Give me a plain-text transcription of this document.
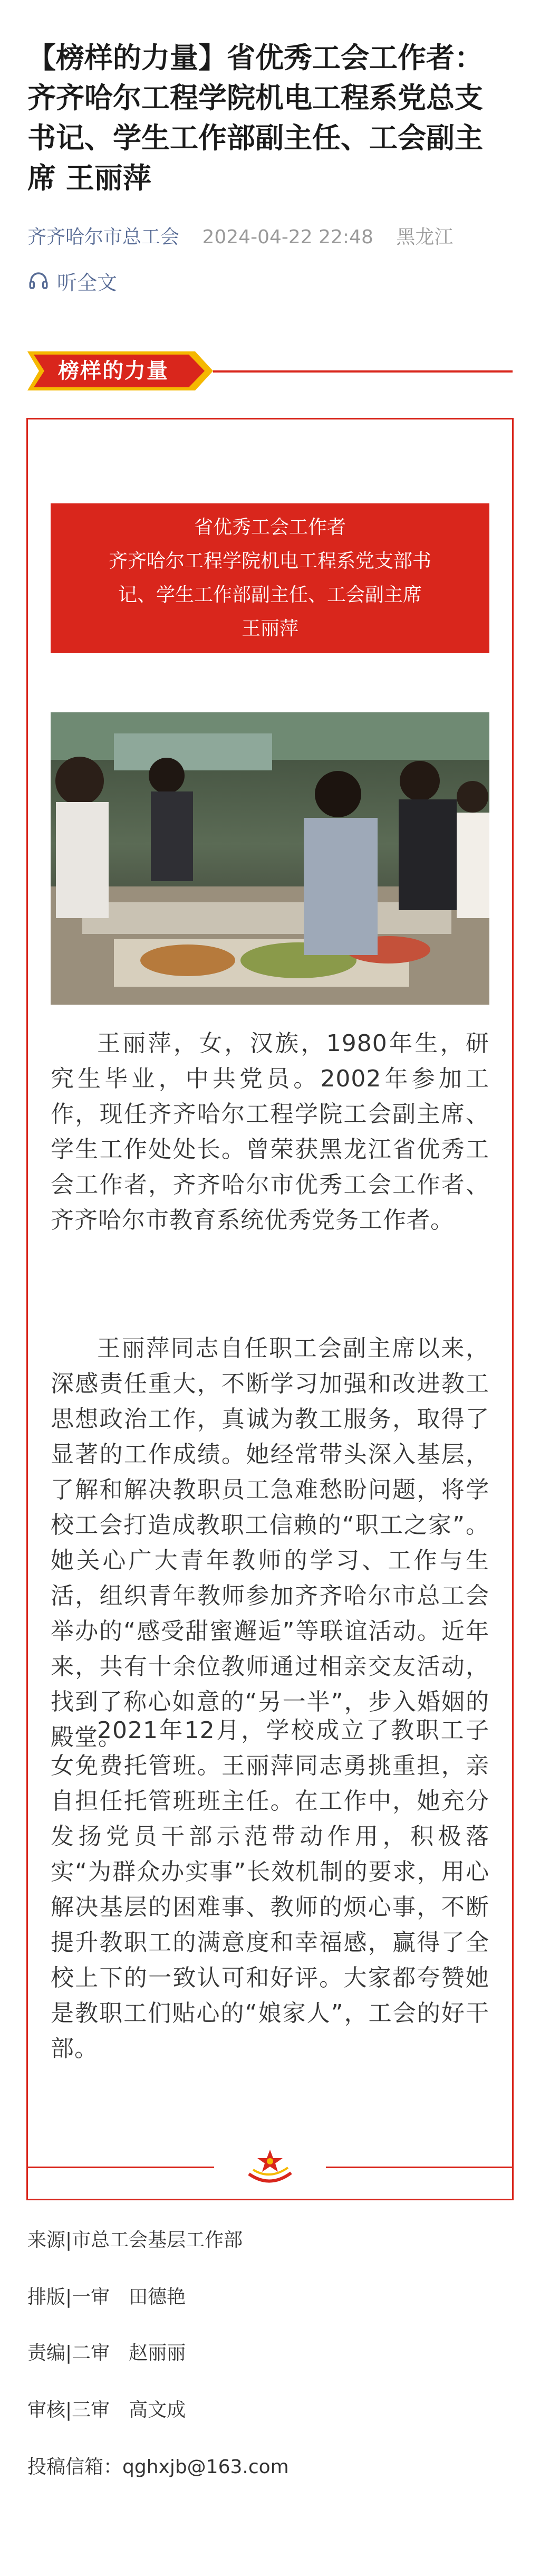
【榜样的力量】省优秀工会工作者：齐齐哈尔工程学院机电工程系党总支书记、学生工作部副主任、工会副主席 王丽萍
齐齐哈尔市总工会 2024-04-22 22:48 黑龙江
听全文
榜样的力量
省优秀工会工作者
齐齐哈尔工程学院机电工程系党支部书
记、学生工作部副主任、工会副主席
王丽萍

王丽萍，女，汉族，1980年生，研究生毕业，中共党员。2002年参加工作，现任齐齐哈尔工程学院工会副主席、学生工作处处长。曾荣获黑龙江省优秀工会工作者，齐齐哈尔市优秀工会工作者、齐齐哈尔市教育系统优秀党务工作者。

王丽萍同志自任职工会副主席以来，深感责任重大，不断学习加强和改进教工思想政治工作，真诚为教工服务，取得了显著的工作成绩。她经常带头深入基层，了解和解决教职员工急难愁盼问题，将学校工会打造成教职工信赖的“职工之家”。她关心广大青年教师的学习、工作与生活，组织青年教师参加齐齐哈尔市总工会举办的“感受甜蜜邂逅”等联谊活动。近年来，共有十余位教师通过相亲交友活动，找到了称心如意的“另一半”，步入婚姻的殿堂。

2021年12月，学校成立了教职工子女免费托管班。王丽萍同志勇挑重担，亲自担任托管班班主任。在工作中，她充分发扬党员干部示范带动作用，积极落实“为群众办实事”长效机制的要求，用心解决基层的困难事、教师的烦心事，不断提升教职工的满意度和幸福感，赢得了全校上下的一致认可和好评。大家都夸赞她是教职工们贴心的“娘家人”，工会的好干部。

来源|市总工会基层工作部
排版|一审　田德艳
责编|二审　赵丽丽
审核|三审　高文成
投稿信箱：qghxjb@163.com
